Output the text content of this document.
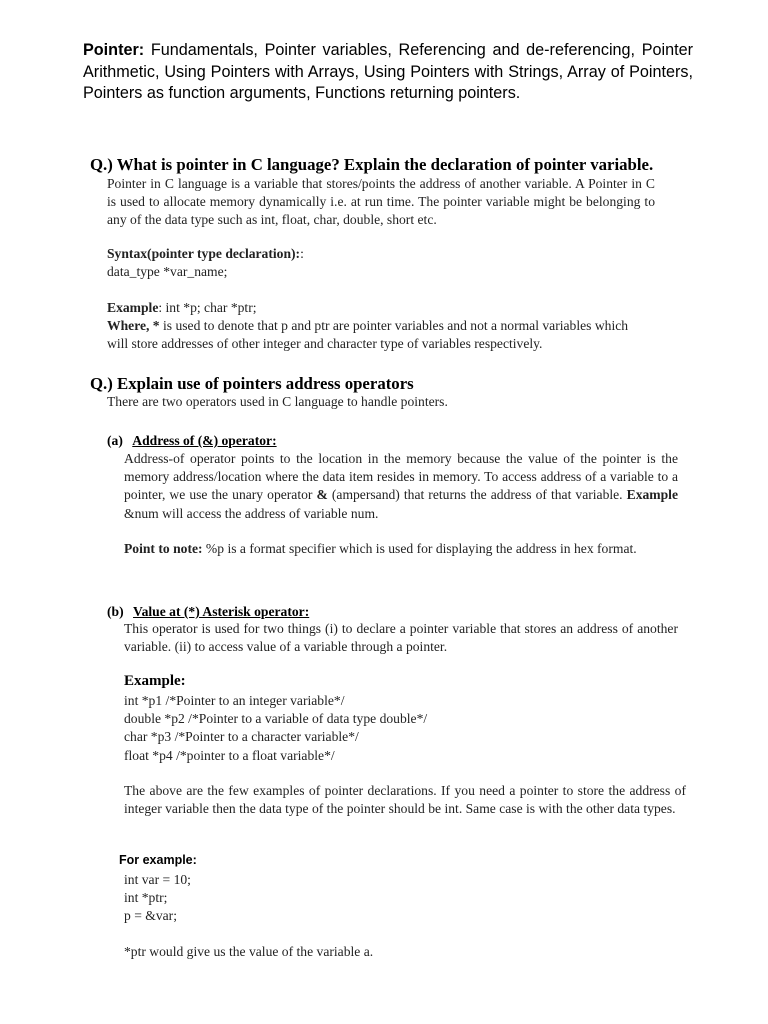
Pointer: Fundamentals, Pointer variables, Referencing and de-referencing, Pointer Arithmetic, Using Pointers with Arrays, Using Pointers with Strings, Array of Pointers, Pointers as function arguments, Functions returning pointers.
Q.) What is pointer in C language? Explain the declaration of pointer variable.
Pointer in C language is a variable that stores/points the address of another variable. A Pointer in C is used to allocate memory dynamically i.e. at run time. The pointer variable might be belonging to any of the data type such as int, float, char, double, short etc.
Syntax(pointer type declaration)::
data_type *var_name;
Example: int *p; char *ptr;
Where, * is used to denote that p and ptr are pointer variables and not a normal variables which will store addresses of other integer and character type of variables respectively.
Q.) Explain use of pointers address operators
There are two operators used in C language to handle pointers.
(a) Address of (&) operator:
Address-of operator points to the location in the memory because the value of the pointer is the memory address/location where the data item resides in memory. To access address of a variable to a pointer, we use the unary operator & (ampersand) that returns the address of that variable. Example &num will access the address of variable num.
Point to note: %p is a format specifier which is used for displaying the address in hex format.
(b) Value at (*) Asterisk operator:
This operator is used for two things (i) to declare a pointer variable that stores an address of another variable. (ii) to access value of a variable through a pointer.
Example:
int *p1 /*Pointer to an integer variable*/
double *p2 /*Pointer to a variable of data type double*/
char *p3 /*Pointer to a character variable*/
float *p4 /*pointer to a float variable*/
The above are the few examples of pointer declarations. If you need a pointer to store the address of integer variable then the data type of the pointer should be int. Same case is with the other data types.
For example:
int var = 10;
int *ptr;
p = &var;
*ptr would give us the value of the variable a.
